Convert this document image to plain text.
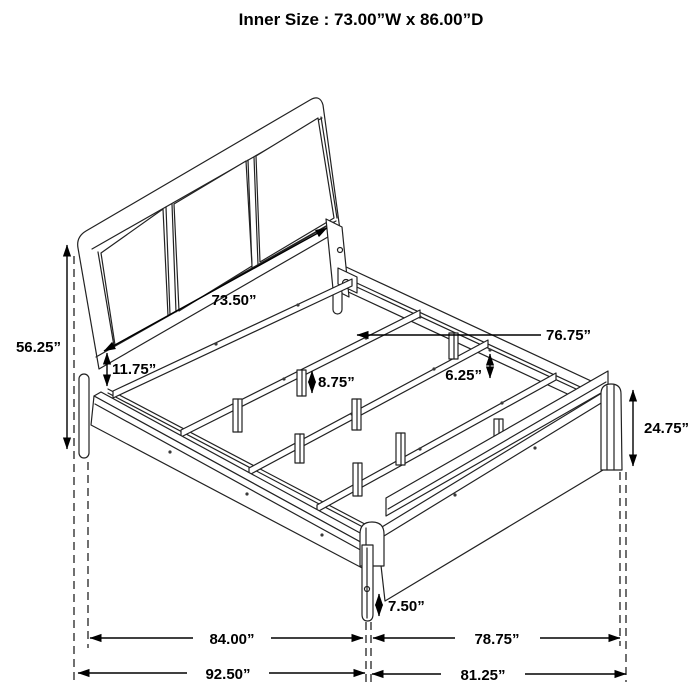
Inner Size : 73.00”W x 86.00”D
73.50”
76.75”
56.25”
11.75”
8.75”	6.25”
24.75”
7.50”
84.00”	78.75”
92.50”	81.25”
